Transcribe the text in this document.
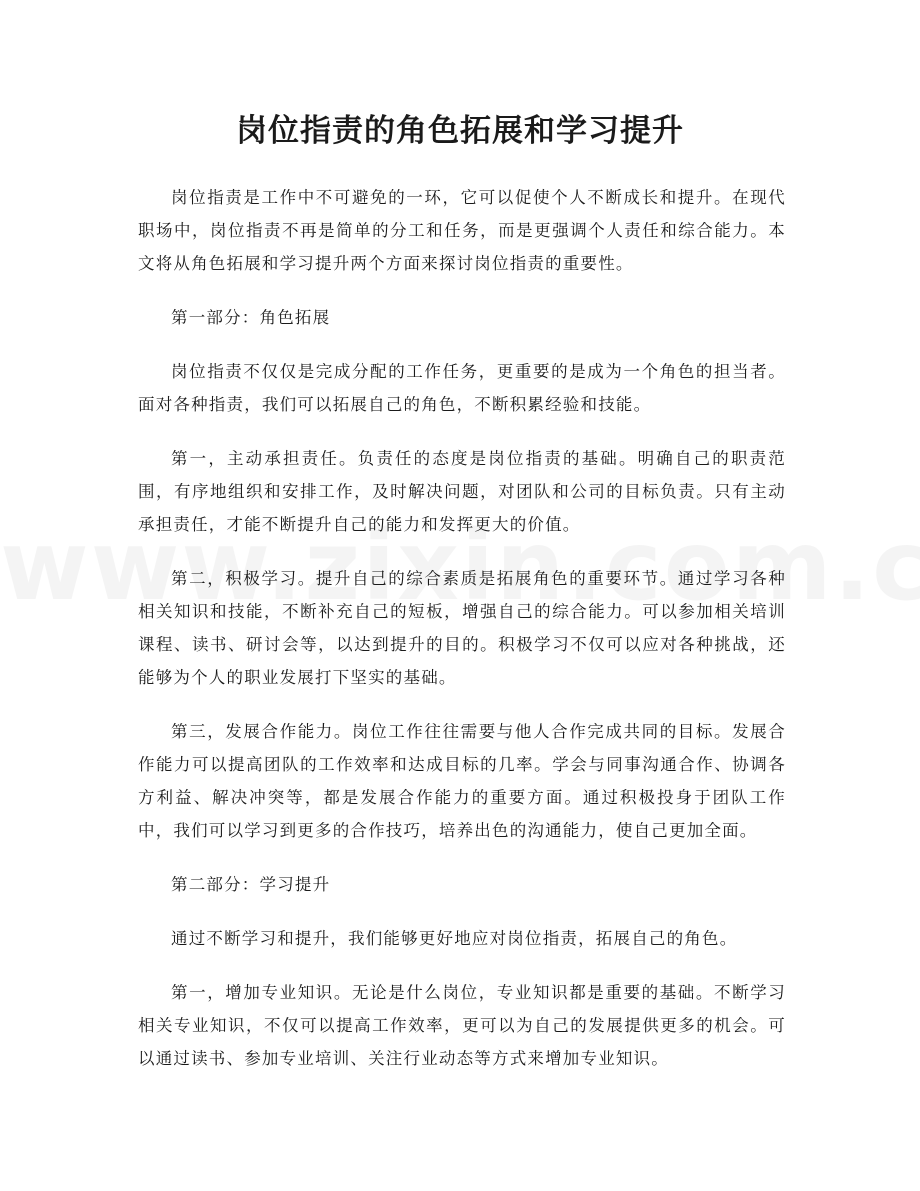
岗位指责的角色拓展和学习提升

岗位指责是工作中不可避免的一环，它可以促使个人不断成长和提升。在现代职场中，岗位指责不再是简单的分工和任务，而是更强调个人责任和综合能力。本文将从角色拓展和学习提升两个方面来探讨岗位指责的重要性。

第一部分：角色拓展

岗位指责不仅仅是完成分配的工作任务，更重要的是成为一个角色的担当者。面对各种指责，我们可以拓展自己的角色，不断积累经验和技能。

第一，主动承担责任。负责任的态度是岗位指责的基础。明确自己的职责范围，有序地组织和安排工作，及时解决问题，对团队和公司的目标负责。只有主动承担责任，才能不断提升自己的能力和发挥更大的价值。

第二，积极学习。提升自己的综合素质是拓展角色的重要环节。通过学习各种相关知识和技能，不断补充自己的短板，增强自己的综合能力。可以参加相关培训课程、读书、研讨会等，以达到提升的目的。积极学习不仅可以应对各种挑战，还能够为个人的职业发展打下坚实的基础。

第三，发展合作能力。岗位工作往往需要与他人合作完成共同的目标。发展合作能力可以提高团队的工作效率和达成目标的几率。学会与同事沟通合作、协调各方利益、解决冲突等，都是发展合作能力的重要方面。通过积极投身于团队工作中，我们可以学习到更多的合作技巧，培养出色的沟通能力，使自己更加全面。

第二部分：学习提升

通过不断学习和提升，我们能够更好地应对岗位指责，拓展自己的角色。

第一，增加专业知识。无论是什么岗位，专业知识都是重要的基础。不断学习相关专业知识，不仅可以提高工作效率，更可以为自己的发展提供更多的机会。可以通过读书、参加专业培训、关注行业动态等方式来增加专业知识。
